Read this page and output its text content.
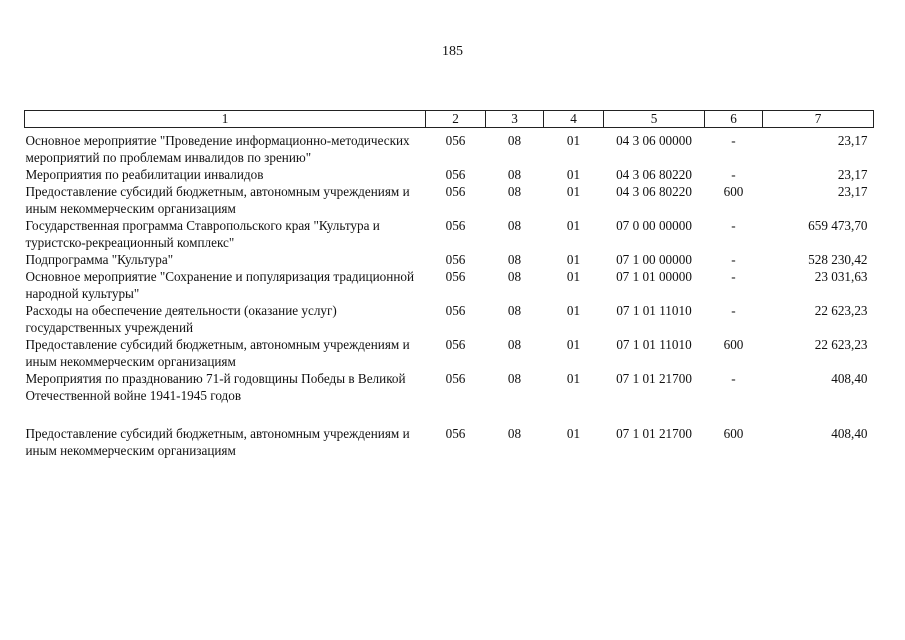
185
1	2	3	4	5	6	7
Основное мероприятие "Проведение информационно-методических мероприятий по проблемам инвалидов по зрению"	056	08	01	04 3 06 00000	-	23,17
Мероприятия по реабилитации инвалидов	056	08	01	04 3 06 80220	-	23,17
Предоставление субсидий бюджетным, автономным учреждениям и иным некоммерческим организациям	056	08	01	04 3 06 80220	600	23,17
Государственная программа Ставропольского края "Культура и туристско-рекреационный комплекс"	056	08	01	07 0 00 00000	-	659 473,70
Подпрограмма "Культура"	056	08	01	07 1 00 00000	-	528 230,42
Основное мероприятие "Сохранение и популяризация традиционной народной культуры"	056	08	01	07 1 01 00000	-	23 031,63
Расходы на обеспечение деятельности (оказание услуг) государственных учреждений	056	08	01	07 1 01 11010	-	22 623,23
Предоставление субсидий бюджетным, автономным учреждениям и иным некоммерческим организациям	056	08	01	07 1 01 11010	600	22 623,23
Мероприятия по празднованию 71-й годовщины Победы в Великой Отечественной войне 1941-1945 годов	056	08	01	07 1 01 21700	-	408,40
Предоставление субсидий бюджетным, автономным учреждениям и иным некоммерческим организациям	056	08	01	07 1 01 21700	600	408,40
